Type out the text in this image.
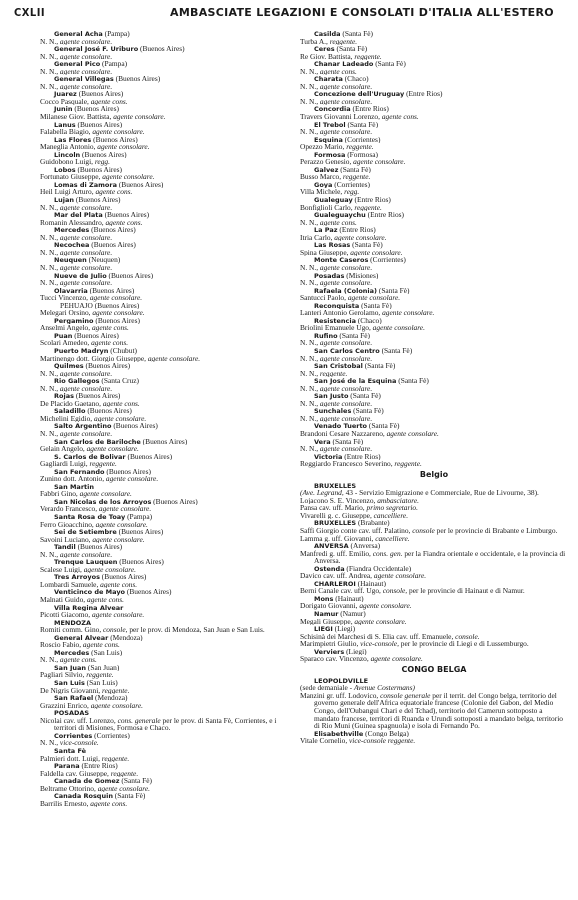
CXLII	AMBASCIATE LEGAZIONI E CONSOLATI D'ITALIA ALL'ESTERO
General Acha (Pampa)
N. N., agente consolare.
General José F. Uriburo (Buenos Aires)
N. N., agente consolare.
General Pico (Pampa)
N. N., agente consolare.
General Villegas (Buenos Aires)
N. N., agente consolare.
Juarez (Buenos Aires)
Cocco Pasquale, agente cons.
Junin (Buenos Aires)
Milanese Giov. Battista, agente consolare.
Lanus (Buenos Aires)
Falabella Biagio, agente consolare.
Las Flores (Buenos Aires)
Maneglia Antonio, agente consolare.
Lincoln (Buenos Aires)
Guidobono Luigi, regg.
Lobos (Buenos Aires)
Fortunato Giuseppe, agente consolare.
Lomas di Zamora (Buenos Aires)
Heil Luigi Arturo, agente cons.
Lujan (Buenos Aires)
N. N., agente consolare.
Mar del Plata (Buenos Aires)
Romanin Alessandro, agente cons.
Mercedes (Buenos Aires)
N. N., agente consolare.
Necochea (Buenos Aires)
N. N., agente consolare.
Neuquen (Neuquen)
N. N., agente consolare.
Nueve de Julio (Buenos Aires)
N. N., agente consolare.
Olavarria (Buenos Aires)
Tucci Vincenzo, agente consolare.
PEHUAJO (Buenos Aires)
Melegari Orsino, agente consolare.
Pergamino (Buenos Aires)
Anselmi Angelo, agente cons.
Puan (Buenos Aires)
Scolari Amedeo, agente cons.
Puerto Madryn (Chubut)
Martinengo dott. Giorgio Giuseppe, agente consolare.
Quilmes (Buenos Aires)
N. N., agente consolare.
Rio Gallegos (Santa Cruz)
N. N., agente consolare.
Rojas (Buenos Aires)
De Placido Gaetano, agente cons.
Saladillo (Buenos Aires)
Michelini Egidio, agente consolare.
Salto Argentino (Buenos Aires)
N. N., agente consolare.
San Carlos de Bariloche (Buenos Aires)
Gelain Angelo, agente consolare.
S. Carlos de Bolivar (Buenos Aires)
Gagliardi Luigi, reggente.
San Fernando (Buenos Aires)
Zunino dott. Antonio, agente consolare.
San Martin
Fabbri Gino, agente consolare.
San Nicolas de los Arroyos (Buenos Aires)
Verardo Francesco, agente consolare.
Santa Rosa de Toay (Pampa)
Ferro Gioacchino, agente consolare.
Sei de Setiembre (Buenos Aires)
Savoini Luciano, agente consolare.
Tandil (Buenos Aires)
N. N., agente consolare.
Trenque Lauquen (Buenos Aires)
Scalese Luigi, agente consolare.
Tres Arroyos (Buenos Aires)
Lombardi Samuele, agente cons.
Venticinco de Mayo (Buenos Aires)
Malnati Guido, agente cons.
Villa Regina Alvear
Picotti Giacomo, agente consolare.
MENDOZA
Romiti comm. Gino, console, per le prov. di Mendoza, San Juan e San Luis.
General Alvear (Mendoza)
Roscio Fabio, agente cons.
Mercedes (San Luis)
N. N., agente cons.
San Juan (San Juan)
Pagliari Silvio, reggente.
San Luis (San Luis)
De Nigris Giovanni, reggente.
San Rafael (Mendoza)
Grazzini Enrico, agente consolare.
POSADAS
Nicolai cav. uff. Lorenzo, cons. generale per le prov. di Santa Fè, Corrientes, e i territori di Misiones, Formosa e Chaco.
Corrientes (Corrientes)
N. N., vice-console.
Santa Fè
Palmieri dott. Luigi, reggente.
Parana (Entre Rios)
Faldella cav. Giuseppe, reggente.
Canada de Gomez (Santa Fè)
Beltrame Ottorino, agente consolare.
Canada Rosquin (Santa Fè)
Barrilis Ernesto, agente cons.
Casilda (Santa Fè)
Turba A., reggente.
Ceres (Santa Fè)
Re Giov. Battista, reggente.
Chanar Ladeado (Santa Fè)
N. N., agente cons.
Charata (Chaco)
N. N., agente consolare.
Concezione dell'Uruguay (Entre Rios)
N. N., agente consolare.
Concordia (Entre Rios)
Travers Giovanni Lorenzo, agente cons.
El Trebol (Santa Fè)
N. N., agente consolare.
Esquina (Corrientes)
Opezzo Mario, reggente.
Formosa (Formosa)
Perazzo Genesio, agente consolare.
Galvez (Santa Fè)
Busso Marco, reggente.
Goya (Corrientes)
Villa Michele, regg.
Gualeguay (Entre Rios)
Bonfiglioli Carlo, reggente.
Gualeguaychu (Entre Rios)
N. N., agente cons.
La Paz (Entre Rios)
Itria Carlo, agente consolare.
Las Rosas (Santa Fè)
Spina Giuseppe, agente consolare.
Monte Caseros (Corrientes)
N. N., agente consolare.
Posadas (Misiones)
N. N., agente consolare.
Rafaela (Colonia) (Santa Fè)
Santucci Paolo, agente consolare.
Reconquista (Santa Fè)
Lanteri Antonio Gerolamo, agente consolare.
Resistencia (Chaco)
Briolini Emanuele Ugo, agente consolare.
Rufino (Santa Fè)
N. N., agente consolare.
San Carlos Centro (Santa Fè)
N. N., agente consolare.
San Cristobal (Santa Fè)
N. N., reggente.
San José de la Esquina (Santa Fè)
N. N., agente consolare.
San Justo (Santa Fè)
N. N., agente consolare.
Sunchales (Santa Fè)
N. N., agente consolare.
Venado Tuerto (Santa Fè)
Brandoni Cesare Nazzareno, agente consolare.
Vera (Santa Fè)
N. N., agente consolare.
Victoria (Entre Rios)
Reggiardo Francesco Severino, reggente.
Belgio
BRUXELLES
(Ave. Legrand, 43 - Servizio Emigrazione e Commerciale, Rue de Livourne, 38).
Lojacono S. E. Vincenzo, ambasciatore.
Pansa cav. uff. Mario, primo segretario.
Vivarelli g. c. Giuseppe, cancelliere.
BRUXELLES (Brabante)
Saffi Giorgio conte cav. uff. Palatino, console per le provincie di Brabante e Limburgo.
Lamma g. uff. Giovanni, cancelliere.
ANVERSA (Anversa)
Manfredi g. uff. Emilio, cons. gen. per la Fiandra orientale e occidentale, e la provincia di Anversa.
Ostenda (Fiandra Occidentale)
Davico cav. uff. Andrea, agente consolare.
CHARLEROI (Hainaut)
Berni Canale cav. uff. Ugo, console, per le provincie di Hainaut e di Namur.
Mons (Hainaut)
Dorigato Giovanni, agente consolare.
Namur (Namur)
Megali Giuseppe, agente consolare.
LIEGI (Liegi)
Schisinà dei Marchesi di S. Elia cav. uff. Emanuele, console.
Marimpietri Giulio, vice-console, per le provincie di Liegi e di Lussemburgo.
Verviers (Liegi)
Sparaco cav. Vincenzo, agente consolare.
CONGO BELGA
LEOPOLDVILLE
(sede demaniale - Avenue Costermans)
Manzini gr. uff. Lodovico, console generale per il territ. del Congo belga, territorio del governo generale dell'Africa equatoriale francese (Colonie del Gabon, del Medio Congo, dell'Oubangui Chari e del Tchad), territorio del Camerun sottoposto a mandato francese, territori di Ruanda e Urundi sottoposti a mandato belga, territorio di Rio Muni (Guinea spagnuola) e isola di Fernando Po.
Elisabethville (Congo Belga)
Vitale Cornelio, vice-console reggente.
